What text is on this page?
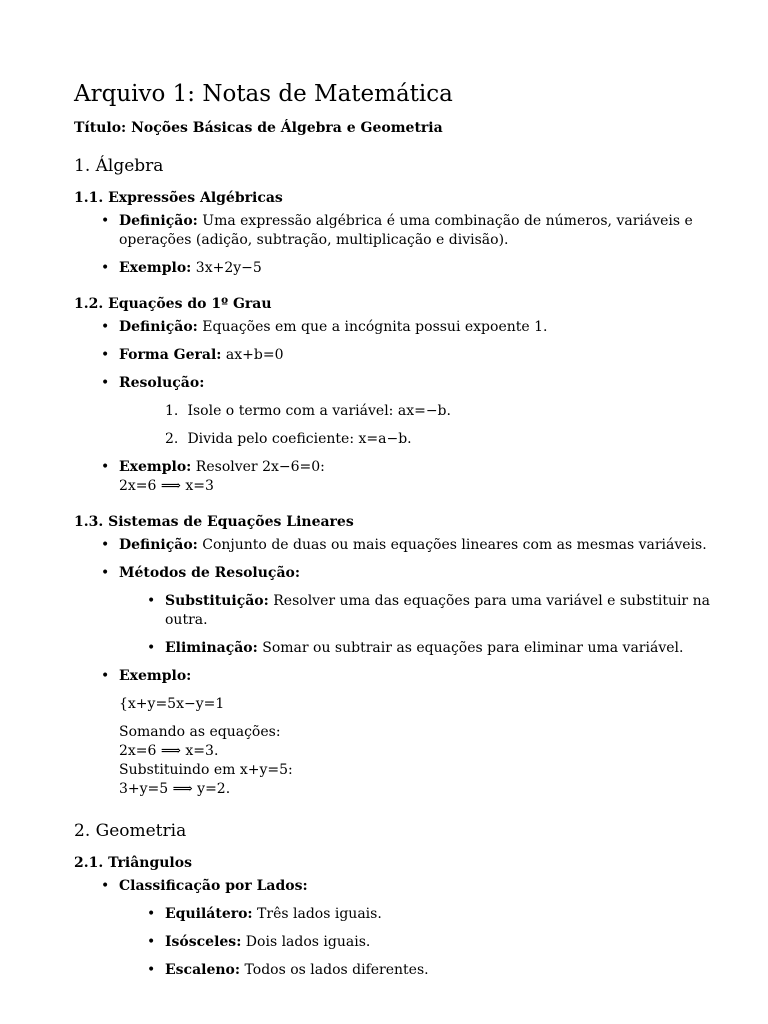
Arquivo 1: Notas de Matemática
Título: Noções Básicas de Álgebra e Geometria
1. Álgebra
1.1. Expressões Algébricas
• Definição: Uma expressão algébrica é uma combinação de números, variáveis e operações (adição, subtração, multiplicação e divisão).
• Exemplo: 3x+2y−5
1.2. Equações do 1º Grau
• Definição: Equações em que a incógnita possui expoente 1.
• Forma Geral: ax+b=0
• Resolução:
1. Isole o termo com a variável: ax=−b.
2. Divida pelo coeficiente: x=a−b.
• Exemplo: Resolver 2x−6=0:
2x=6 ⟹ x=3
1.3. Sistemas de Equações Lineares
• Definição: Conjunto de duas ou mais equações lineares com as mesmas variáveis.
• Métodos de Resolução:
• Substituição: Resolver uma das equações para uma variável e substituir na outra.
• Eliminação: Somar ou subtrair as equações para eliminar uma variável.
• Exemplo:
{x+y=5x−y=1
Somando as equações:
2x=6 ⟹ x=3.
Substituindo em x+y=5:
3+y=5 ⟹ y=2.
2. Geometria
2.1. Triângulos
• Classificação por Lados:
• Equilátero: Três lados iguais.
• Isósceles: Dois lados iguais.
• Escaleno: Todos os lados diferentes.
